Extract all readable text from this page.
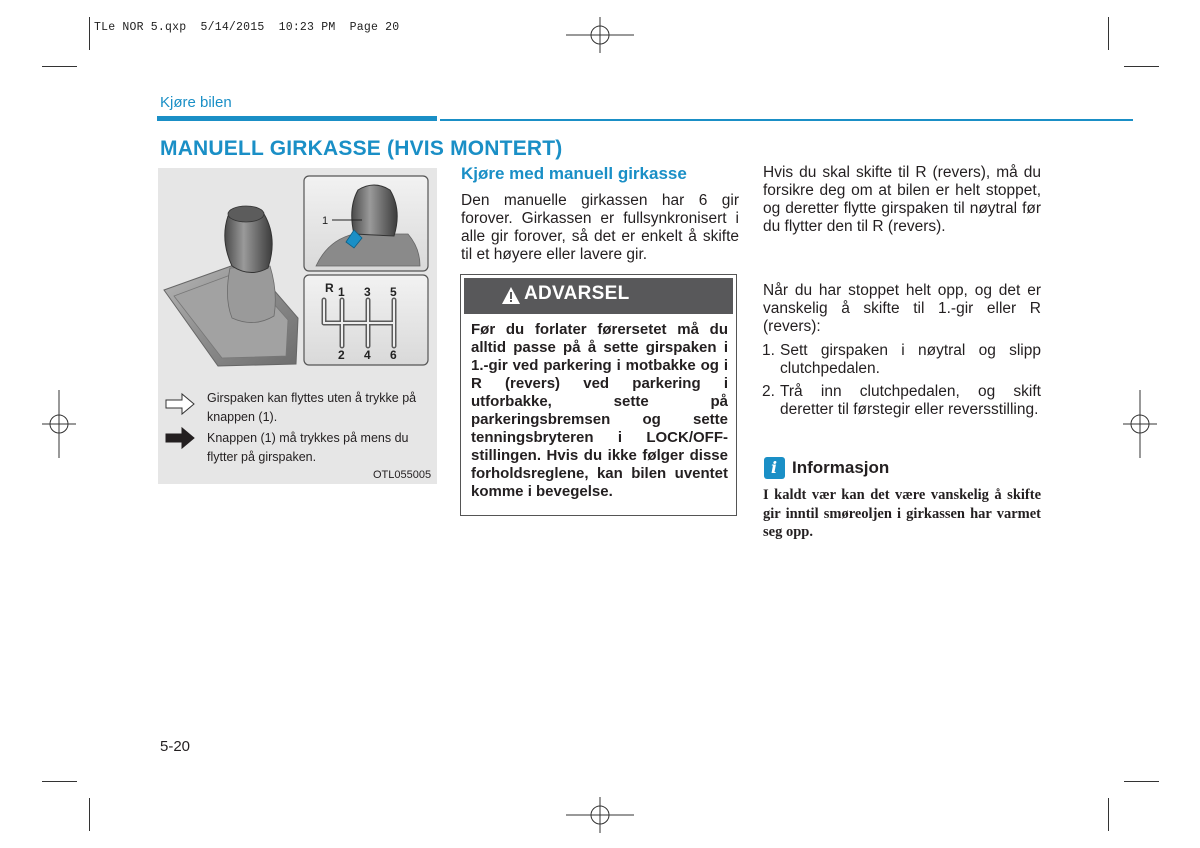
TLe NOR 5.qxp  5/14/2015  10:23 PM  Page 20
Kjøre bilen
MANUELL GIRKASSE (HVIS MONTERT)
1
R 1 3 5
2 4 6
Girspaken kan flyttes uten å trykke på
knappen (1).
Knappen (1) må trykkes på mens du
flytter på girspaken.
OTL055005
Kjøre med manuell girkasse
Den manuelle girkassen har 6 gir forover. Girkassen er fullsynkronisert i alle gir forover, så det er enkelt å skifte til et høyere eller lavere gir.
ADVARSEL
Før du forlater førersetet må du alltid passe på å sette girspaken i 1.-gir ved parkering i motbakke og i R (revers) ved parkering i utforbakke, sette på parkeringsbremsen og sette tenningsbryteren i LOCK/OFF-stillingen. Hvis du ikke følger disse forholdsreglene, kan bilen uventet komme i bevegelse.
Hvis du skal skifte til R (revers), må du forsikre deg om at bilen er helt stoppet, og deretter flytte girspaken til nøytral før du flytter den til R (revers).
Når du har stoppet helt opp, og det er vanskelig å skifte til 1.-gir eller R (revers):
1. Sett girspaken i nøytral og slipp clutchpedalen.
2. Trå inn clutchpedalen, og skift deretter til førstegir eller reversstilling.
i Informasjon
I kaldt vær kan det være vanskelig å skifte gir inntil smøreoljen i girkassen har varmet seg opp.
5-20
